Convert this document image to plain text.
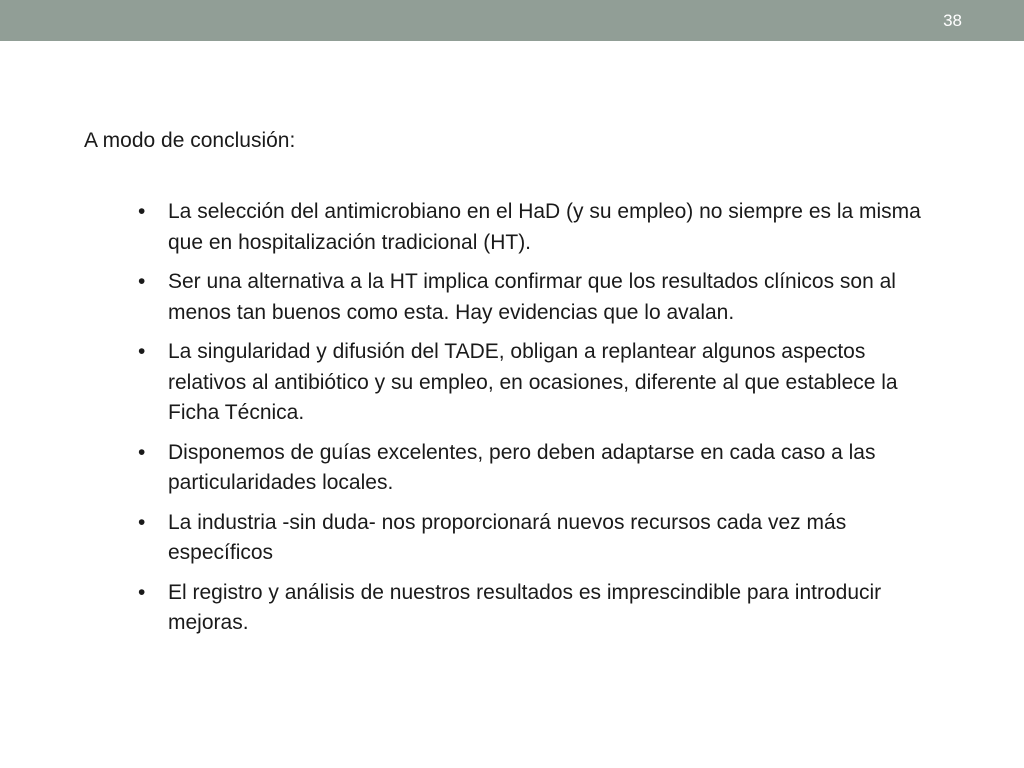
38

A modo de conclusión:

• La selección del antimicrobiano en el HaD (y su empleo) no siempre es la misma que en hospitalización tradicional (HT).
• Ser una alternativa a la HT implica confirmar que los resultados clínicos son al menos tan buenos como esta. Hay evidencias que lo avalan.
• La singularidad y difusión del TADE, obligan a replantear algunos aspectos relativos al antibiótico y su empleo, en ocasiones, diferente al que establece la Ficha Técnica.
• Disponemos de guías excelentes, pero deben adaptarse en cada caso a las particularidades locales.
• La industria -sin duda- nos proporcionará nuevos recursos cada vez más específicos
• El registro y análisis de nuestros resultados es imprescindible para introducir mejoras.
